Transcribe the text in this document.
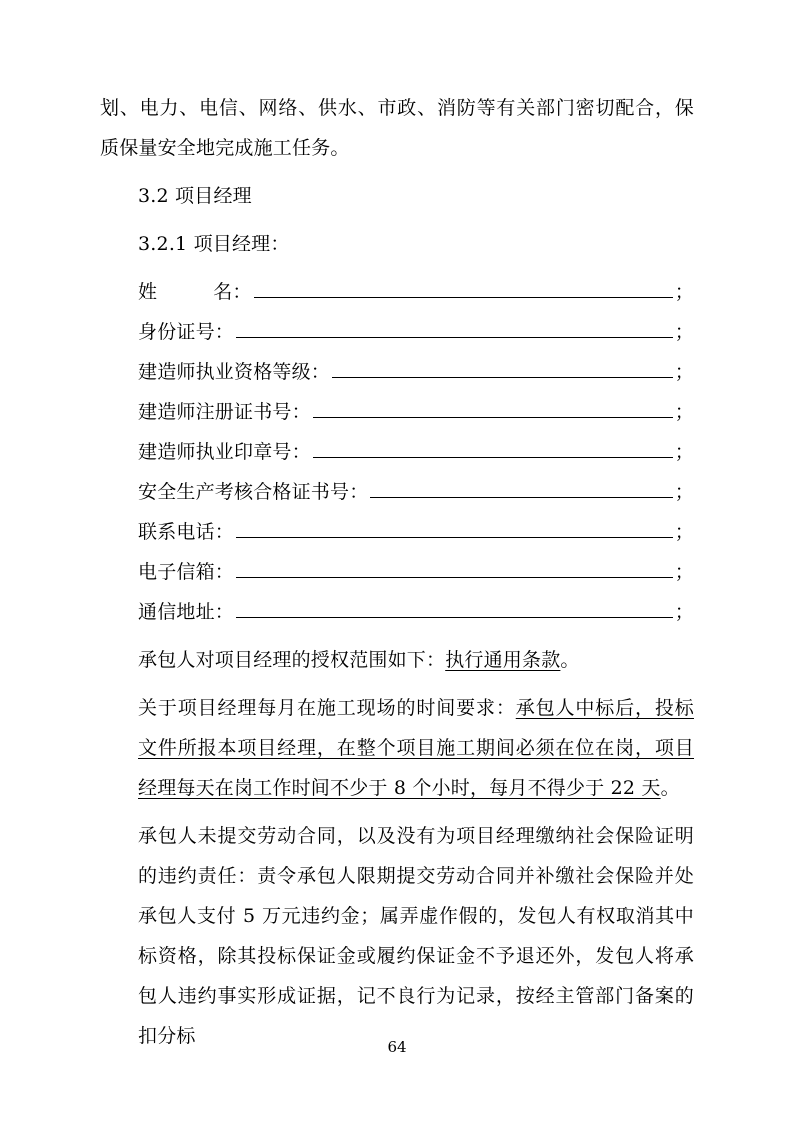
划、电力、电信、网络、供水、市政、消防等有关部门密切配合，保质保量安全地完成施工任务。

3.2 项目经理

3.2.1 项目经理：

姓	名：	；
身份证号：	；
建造师执业资格等级：	；
建造师注册证书号：	；
建造师执业印章号：	；
安全生产考核合格证书号：	；
联系电话：	；
电子信箱：	；
通信地址：	；

承包人对项目经理的授权范围如下：执行通用条款。

关于项目经理每月在施工现场的时间要求：承包人中标后，投标文件所报本项目经理，在整个项目施工期间必须在位在岗，项目经理每天在岗工作时间不少于 8 个小时，每月不得少于 22 天。

承包人未提交劳动合同，以及没有为项目经理缴纳社会保险证明的违约责任：责令承包人限期提交劳动合同并补缴社会保险并处承包人支付 5 万元违约金；属弄虚作假的，发包人有权取消其中标资格，除其投标保证金或履约保证金不予退还外，发包人将承包人违约事实形成证据，记不良行为记录，按经主管部门备案的扣分标	64
